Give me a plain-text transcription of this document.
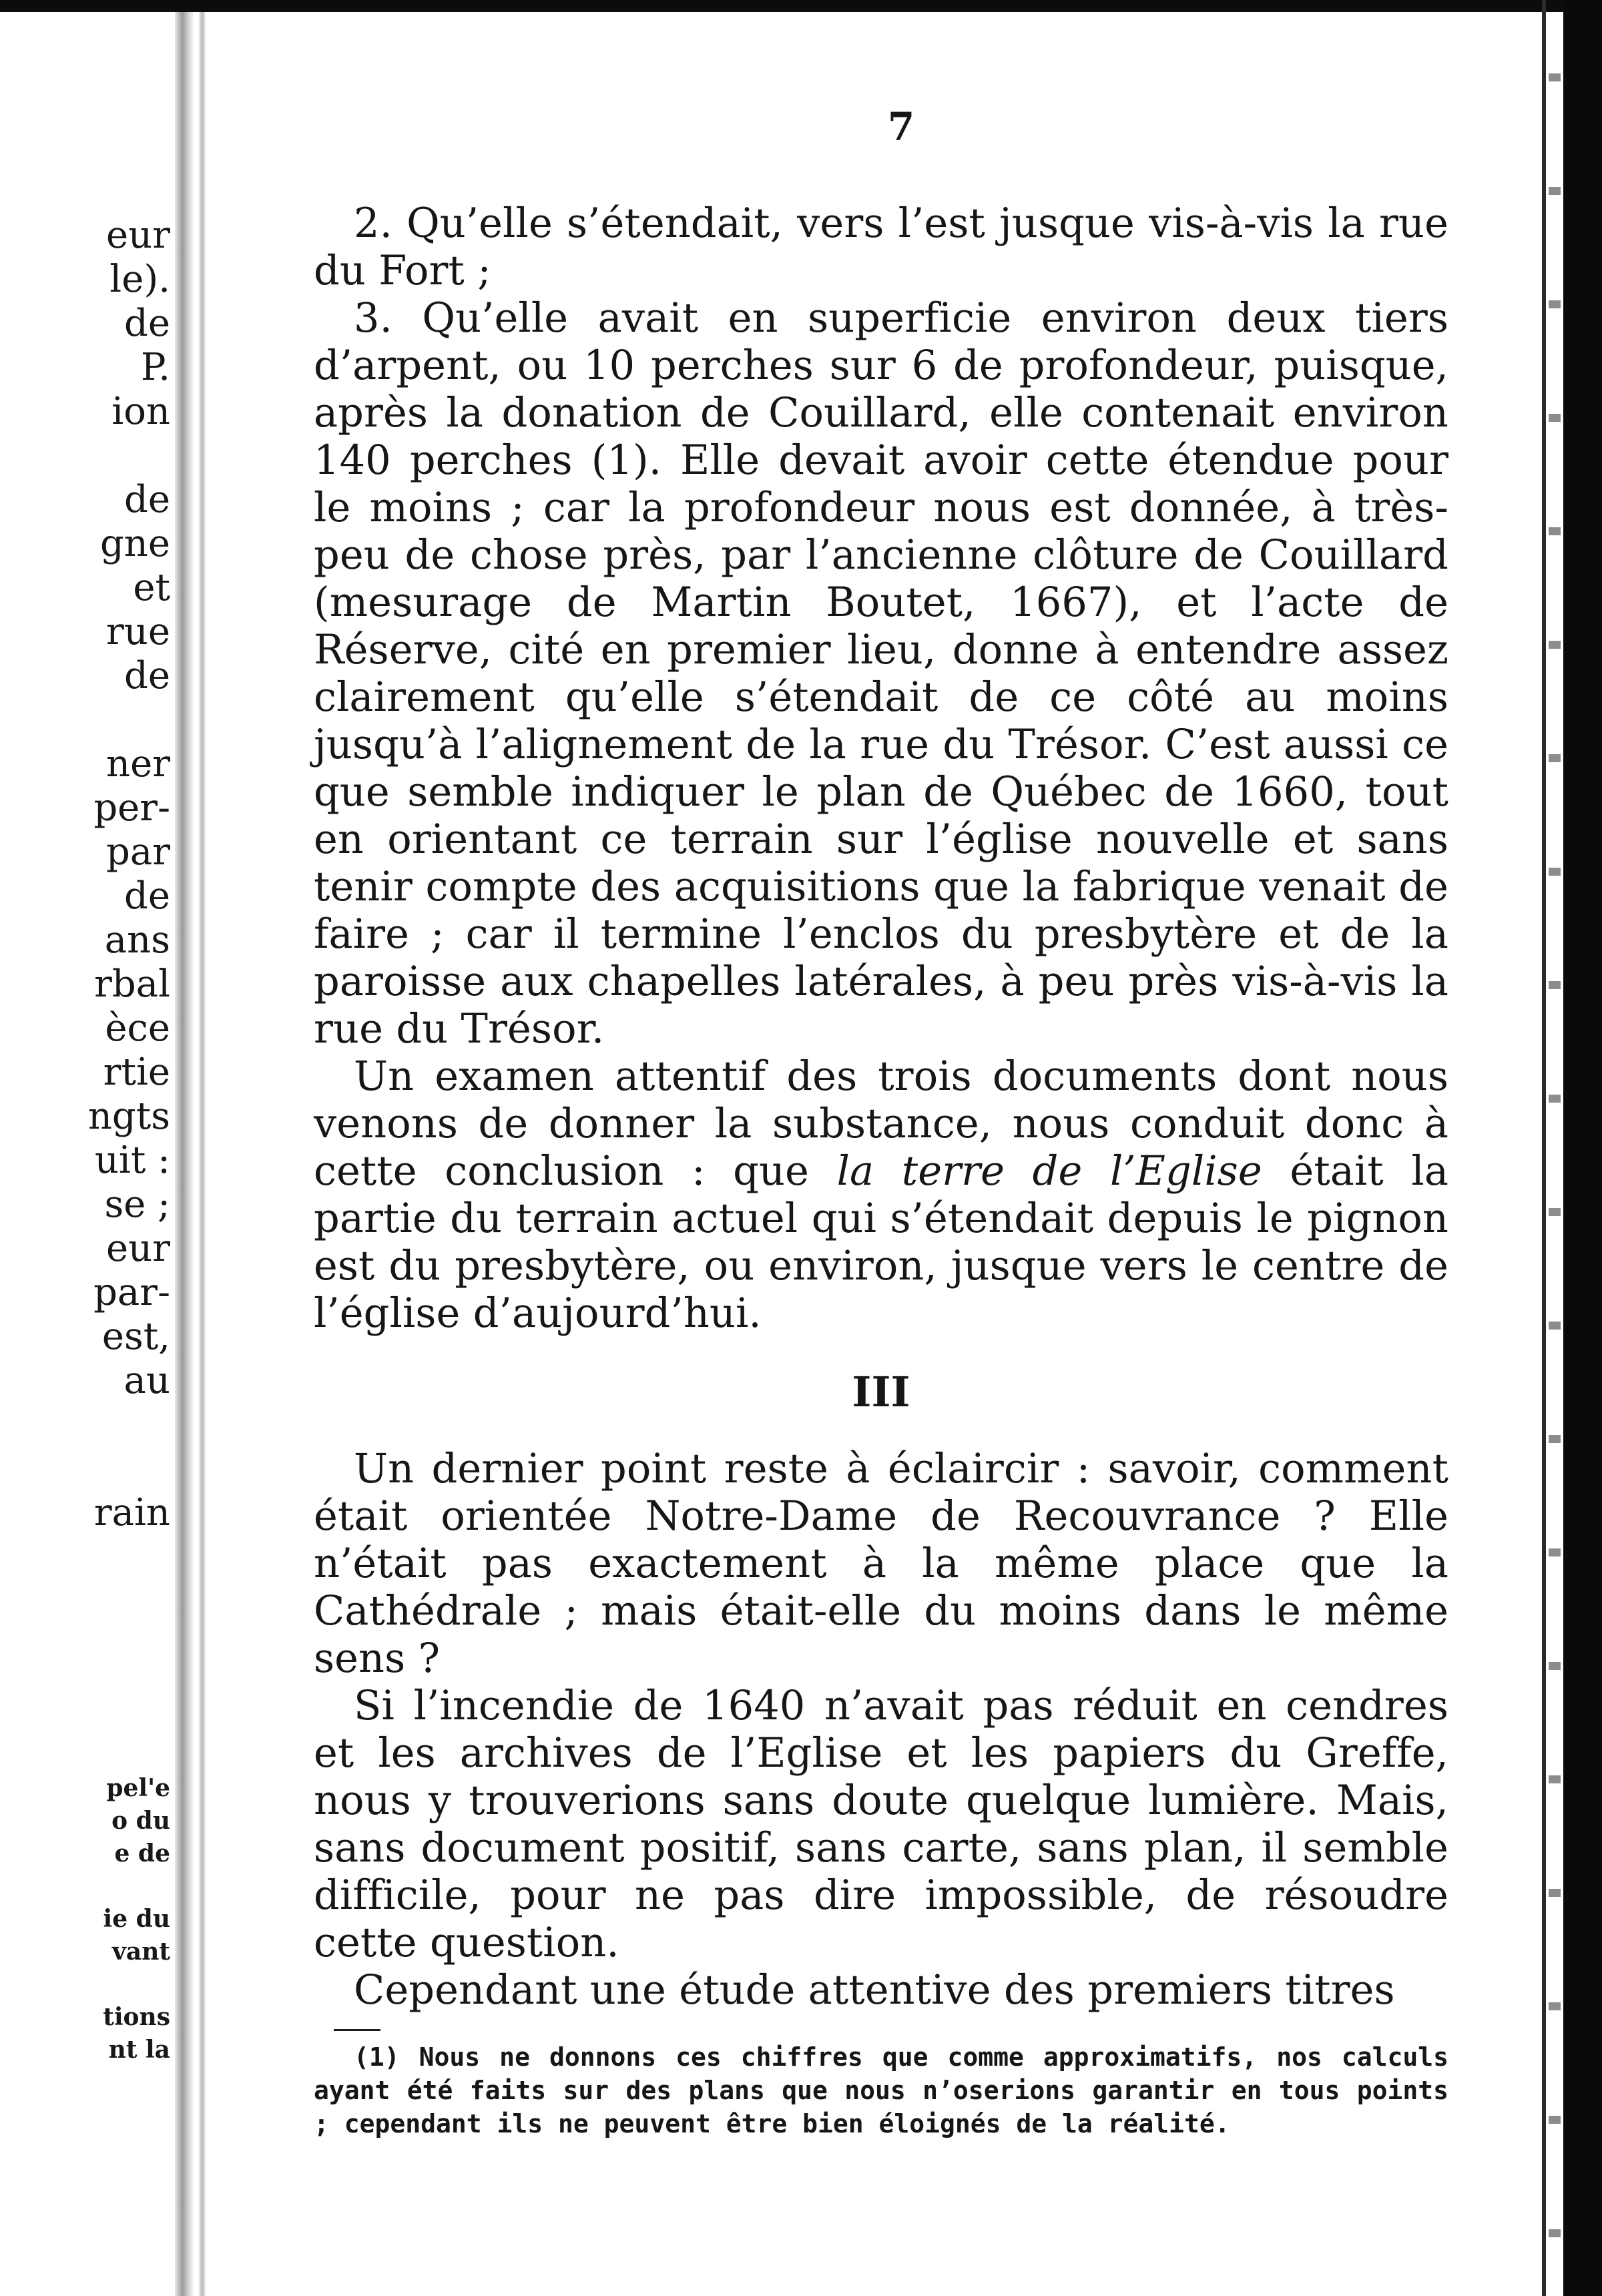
eur
le).
de
P.
ion

de
gne
et
rue
de

ner
per-
par
de
ans
rbal
èce
rtie
ngts
uit :
se ;
eur
par-
est,
au

rain
pel'e
o du
e de

ie du
vant

tions
nt la
7

2. Qu’elle s’étendait, vers l’est jusque vis-à-vis la rue du Fort ;

3. Qu’elle avait en superficie environ deux tiers d’arpent, ou 10 perches sur 6 de profondeur, puisque, après la donation de Couillard, elle contenait environ 140 perches (1). Elle devait avoir cette étendue pour le moins ; car la profondeur nous est donnée, à très-peu de chose près, par l’ancienne clôture de Couillard (mesurage de Martin Boutet, 1667), et l’acte de Réserve, cité en premier lieu, donne à entendre assez clairement qu’elle s’étendait de ce côté au moins jusqu’à l’alignement de la rue du Trésor. C’est aussi ce que semble indiquer le plan de Québec de 1660, tout en orientant ce terrain sur l’église nouvelle et sans tenir compte des acquisitions que la fabrique venait de faire ; car il termine l’enclos du presbytère et de la paroisse aux chapelles latérales, à peu près vis-à-vis la rue du Trésor.

Un examen attentif des trois documents dont nous venons de donner la substance, nous conduit donc à cette conclusion : que la terre de l’Eglise était la partie du terrain actuel qui s’étendait depuis le pignon est du presbytère, ou environ, jusque vers le centre de l’église d’aujourd’hui.

III

Un dernier point reste à éclaircir : savoir, comment était orientée Notre-Dame de Recouvrance ? Elle n’était pas exactement à la même place que la Cathédrale ; mais était-elle du moins dans le même sens ?

Si l’incendie de 1640 n’avait pas réduit en cendres et les archives de l’Eglise et les papiers du Greffe, nous y trouverions sans doute quelque lumière. Mais, sans document positif, sans carte, sans plan, il semble difficile, pour ne pas dire impossible, de résoudre cette question.

Cependant une étude attentive des premiers titres

(1) Nous ne donnons ces chiffres que comme approximatifs, nos calculs ayant été faits sur des plans que nous n’oserions garantir en tous points ; cependant ils ne peuvent être bien éloignés de la réalité.
